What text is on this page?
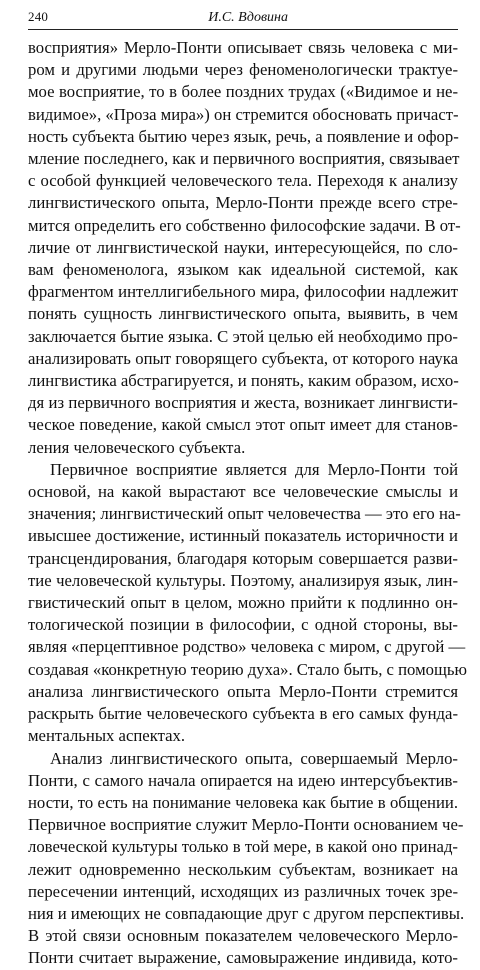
240	И.С. Вдовина

восприятия» Мерло-Понти описывает связь человека с ми-
ром и другими людьми через феноменологически трактуе-
мое восприятие, то в более поздних трудах («Видимое и не-
видимое», «Проза мира») он стремится обосновать причаст-
ность субъекта бытию через язык, речь, а появление и офор-
мление последнего, как и первичного восприятия, связывает
с особой функцией человеческого тела. Переходя к анализу
лингвистического опыта, Мерло-Понти прежде всего стре-
мится определить его собственно философские задачи. В от-
личие от лингвистической науки, интересующейся, по сло-
вам феноменолога, языком как идеальной системой, как
фрагментом интеллигибельного мира, философии надлежит
понять сущность лингвистического опыта, выявить, в чем
заключается бытие языка. С этой целью ей необходимо про-
анализировать опыт говорящего субъекта, от которого наука
лингвистика абстрагируется, и понять, каким образом, исхо-
дя из первичного восприятия и жеста, возникает лингвисти-
ческое поведение, какой смысл этот опыт имеет для станов-
ления человеческого субъекта.

Первичное восприятие является для Мерло-Понти той
основой, на какой вырастают все человеческие смыслы и
значения; лингвистический опыт человечества — это его на-
ивысшее достижение, истинный показатель историчности и
трансцендирования, благодаря которым совершается разви-
тие человеческой культуры. Поэтому, анализируя язык, лин-
гвистический опыт в целом, можно прийти к подлинно он-
тологической позиции в философии, с одной стороны, вы-
являя «перцептивное родство» человека с миром, с другой —
создавая «конкретную теорию духа». Стало быть, с помощью
анализа лингвистического опыта Мерло-Понти стремится
раскрыть бытие человеческого субъекта в его самых фунда-
ментальных аспектах.

Анализ лингвистического опыта, совершаемый Мерло-
Понти, с самого начала опирается на идею интерсубъектив-
ности, то есть на понимание человека как бытие в общении.
Первичное восприятие служит Мерло-Понти основанием че-
ловеческой культуры только в той мере, в какой оно принад-
лежит одновременно нескольким субъектам, возникает на
пересечении интенций, исходящих из различных точек зре-
ния и имеющих не совпадающие друг с другом перспективы.
В этой связи основным показателем человеческого Мерло-
Понти считает выражение, самовыражение индивида, кото-
